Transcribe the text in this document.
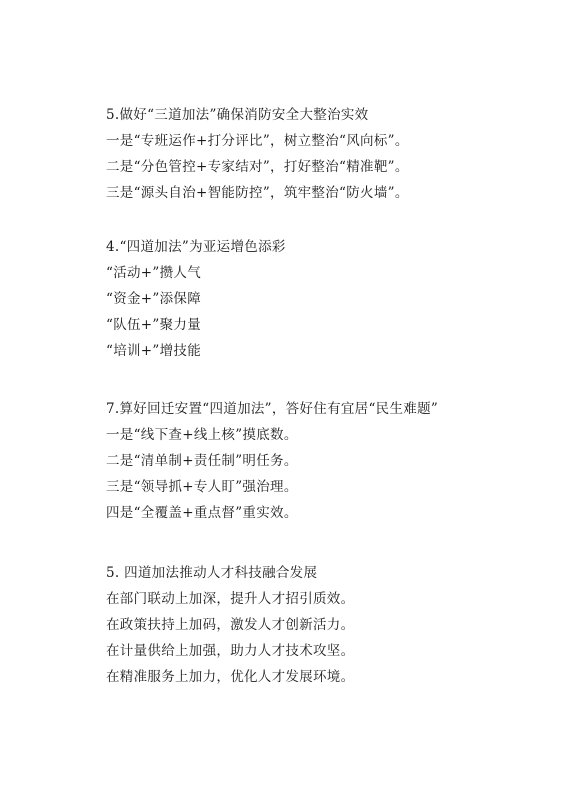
5.做好“三道加法”确保消防安全大整治实效
一是“专班运作+打分评比”，树立整治“风向标”。
二是“分色管控+专家结对”，打好整治“精准靶”。
三是“源头自治+智能防控”，筑牢整治“防火墙”。
4.“四道加法”为亚运增色添彩
“活动+”攒人气
“资金+”添保障
“队伍+”聚力量
“培训+”增技能
7.算好回迁安置“四道加法”，答好住有宜居“民生难题”
一是“线下查+线上核”摸底数。
二是“清单制+责任制”明任务。
三是“领导抓+专人盯”强治理。
四是“全覆盖+重点督”重实效。
5. 四道加法推动人才科技融合发展
在部门联动上加深，提升人才招引质效。
在政策扶持上加码，激发人才创新活力。
在计量供给上加强，助力人才技术攻坚。
在精准服务上加力，优化人才发展环境。
